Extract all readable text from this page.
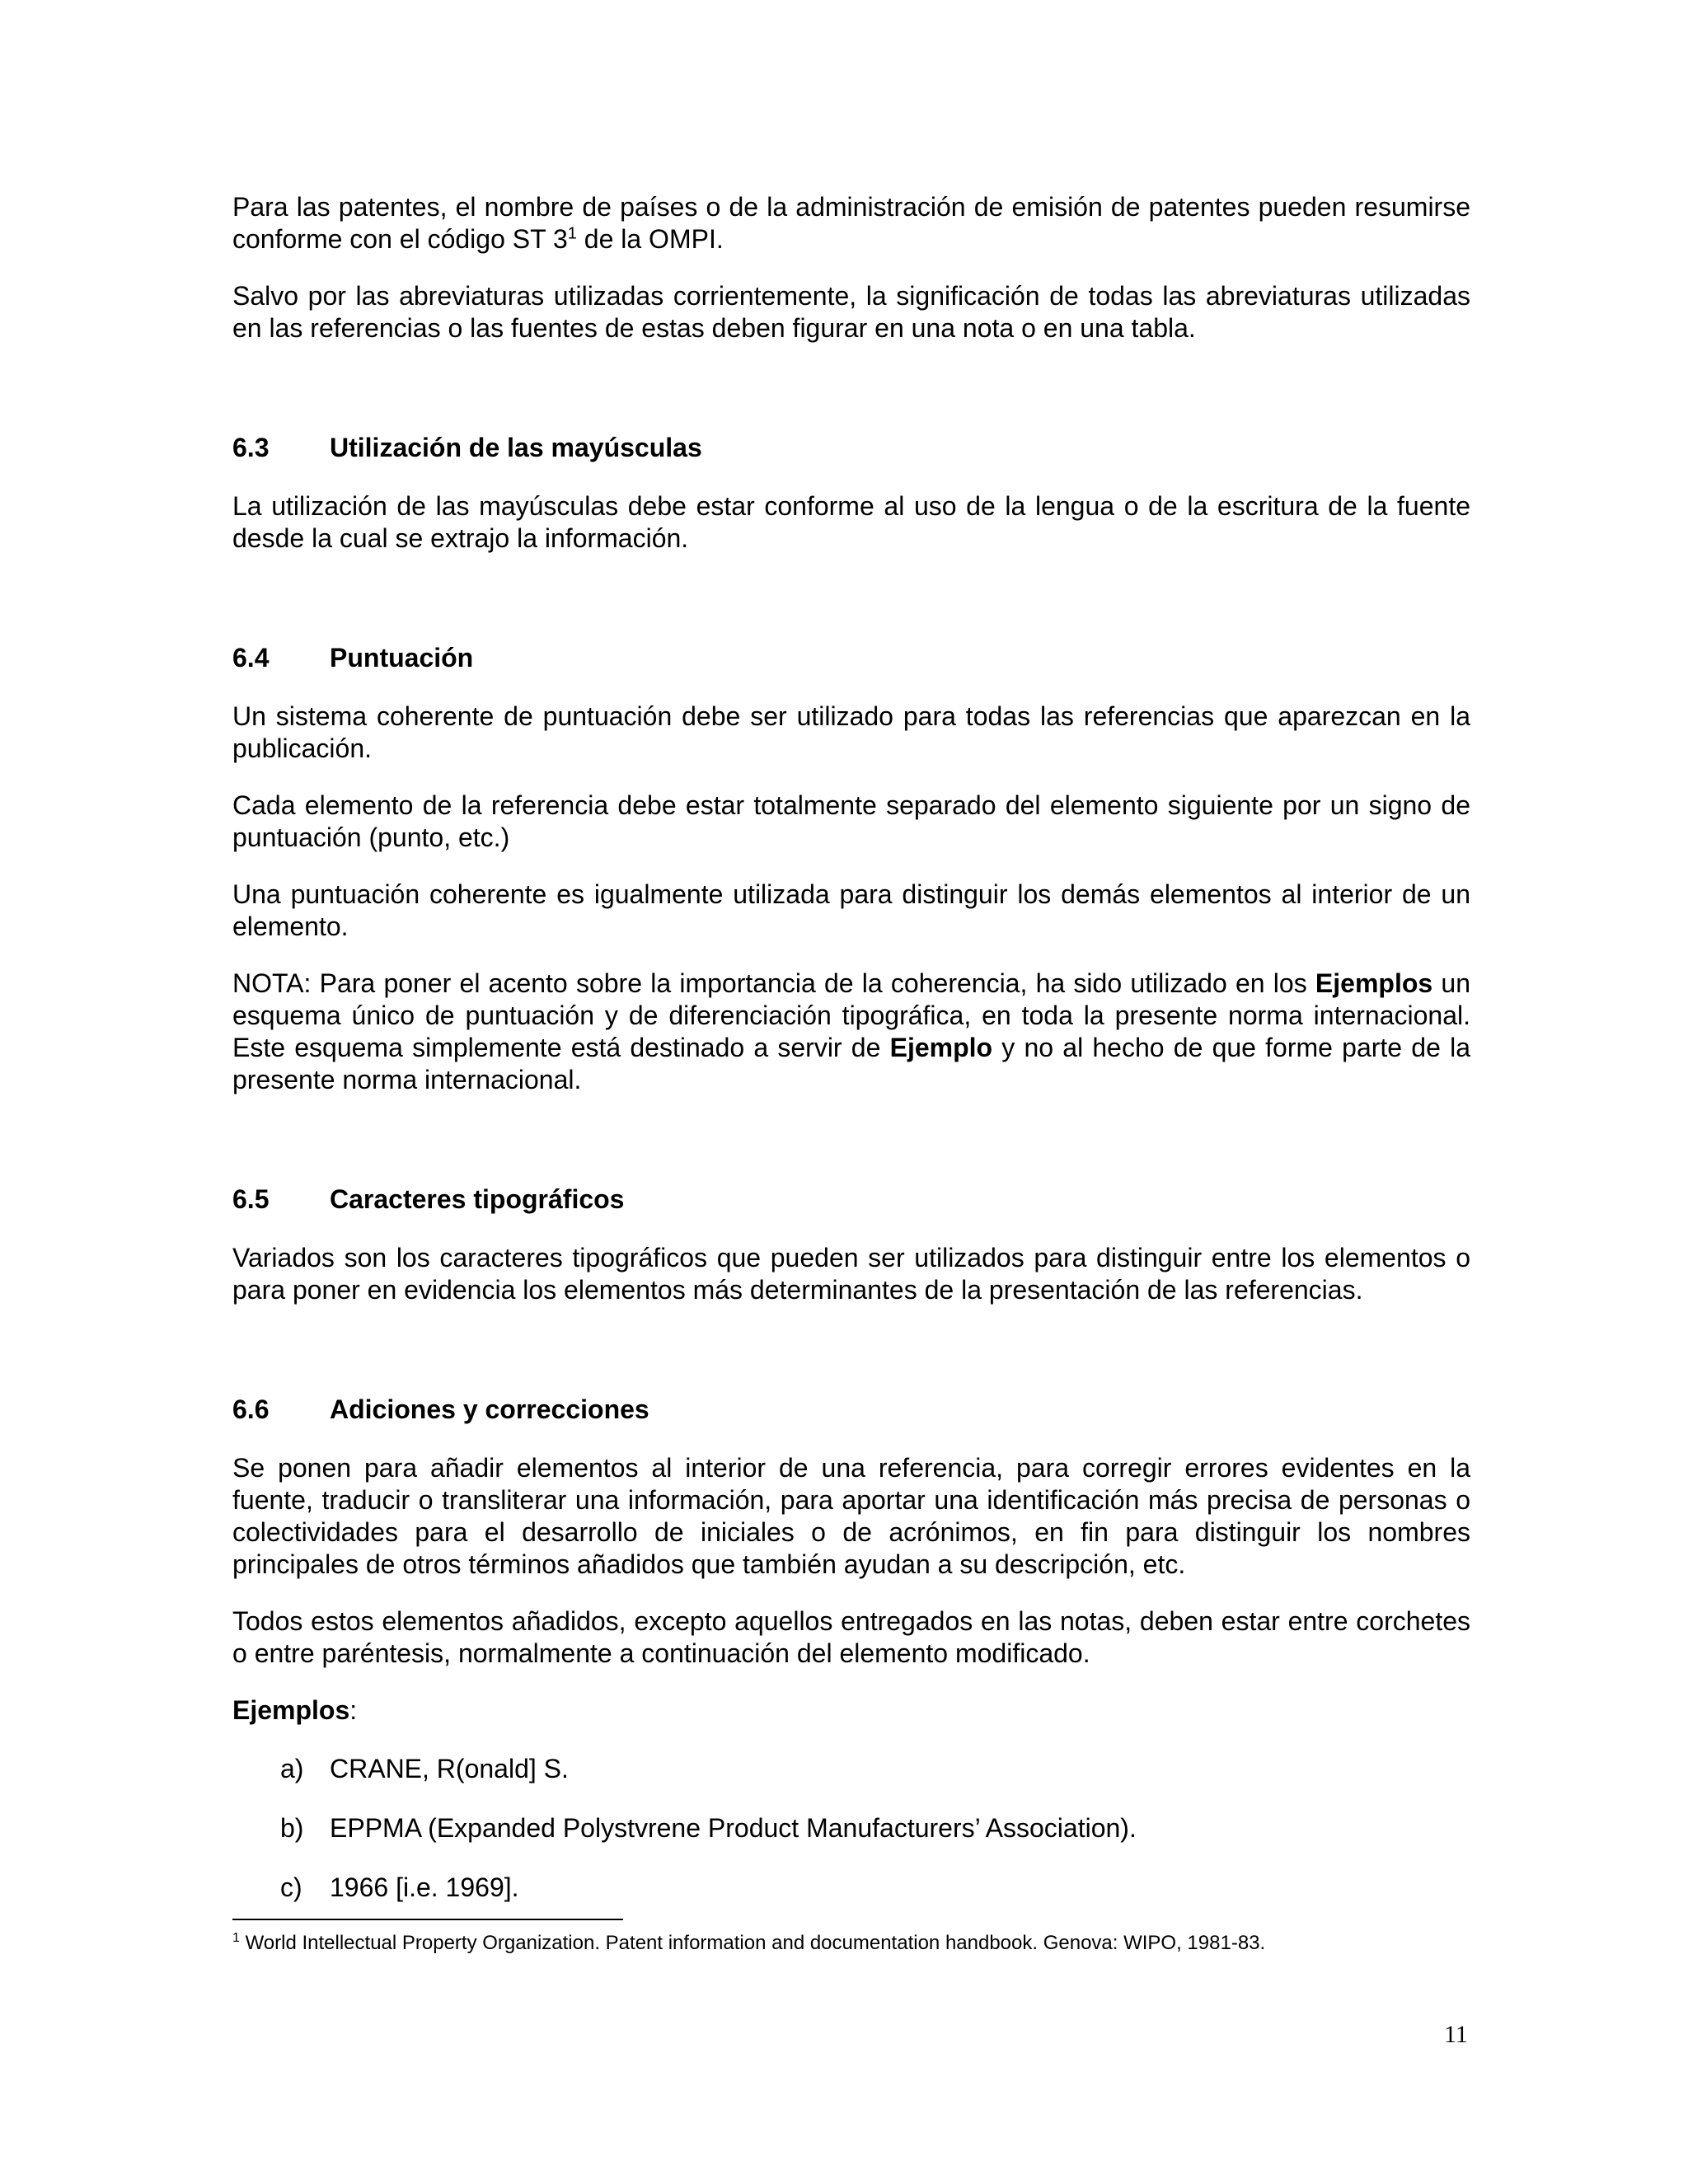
Para las patentes, el nombre de países o de la administración de emisión de patentes pueden resumirse conforme con el código ST $3^1$ de la OMPI.

Salvo por las abreviaturas utilizadas corrientemente, la significación de todas las abreviaturas utilizadas en las referencias o las fuentes de estas deben figurar en una nota o en una tabla.

6.3	Utilización de las mayúsculas

La utilización de las mayúsculas debe estar conforme al uso de la lengua o de la escritura de la fuente desde la cual se extrajo la información.

6.4	Puntuación

Un sistema coherente de puntuación debe ser utilizado para todas las referencias que aparezcan en la publicación.

Cada elemento de la referencia debe estar totalmente separado del elemento siguiente por un signo de puntuación (punto, etc.)

Una puntuación coherente es igualmente utilizada para distinguir los demás elementos al interior de un elemento.

NOTA: Para poner el acento sobre la importancia de la coherencia, ha sido utilizado en los Ejemplos un esquema único de puntuación y de diferenciación tipográfica, en toda la presente norma internacional. Este esquema simplemente está destinado a servir de Ejemplo y no al hecho de que forme parte de la presente norma internacional.

6.5	Caracteres tipográficos

Variados son los caracteres tipográficos que pueden ser utilizados para distinguir entre los elementos o para poner en evidencia los elementos más determinantes de la presentación de las referencias.

6.6	Adiciones y correcciones

Se ponen para añadir elementos al interior de una referencia, para corregir errores evidentes en la fuente, traducir o transliterar una información, para aportar una identificación más precisa de personas o colectividades para el desarrollo de iniciales o de acrónimos, en fin para distinguir los nombres principales de otros términos añadidos que también ayudan a su descripción, etc.

Todos estos elementos añadidos, excepto aquellos entregados en las notas, deben estar entre corchetes o entre paréntesis, normalmente a continuación del elemento modificado.

Ejemplos:

a) CRANE, R(onald] S.
b) EPPMA (Expanded Polystvrene Product Manufacturers’ Association).
c)	1966 [i.e. 1969].
$^1$ World Intellectual Property Organization. Patent information and documentation handbook. Genova: WIPO, 1981-83.
11
